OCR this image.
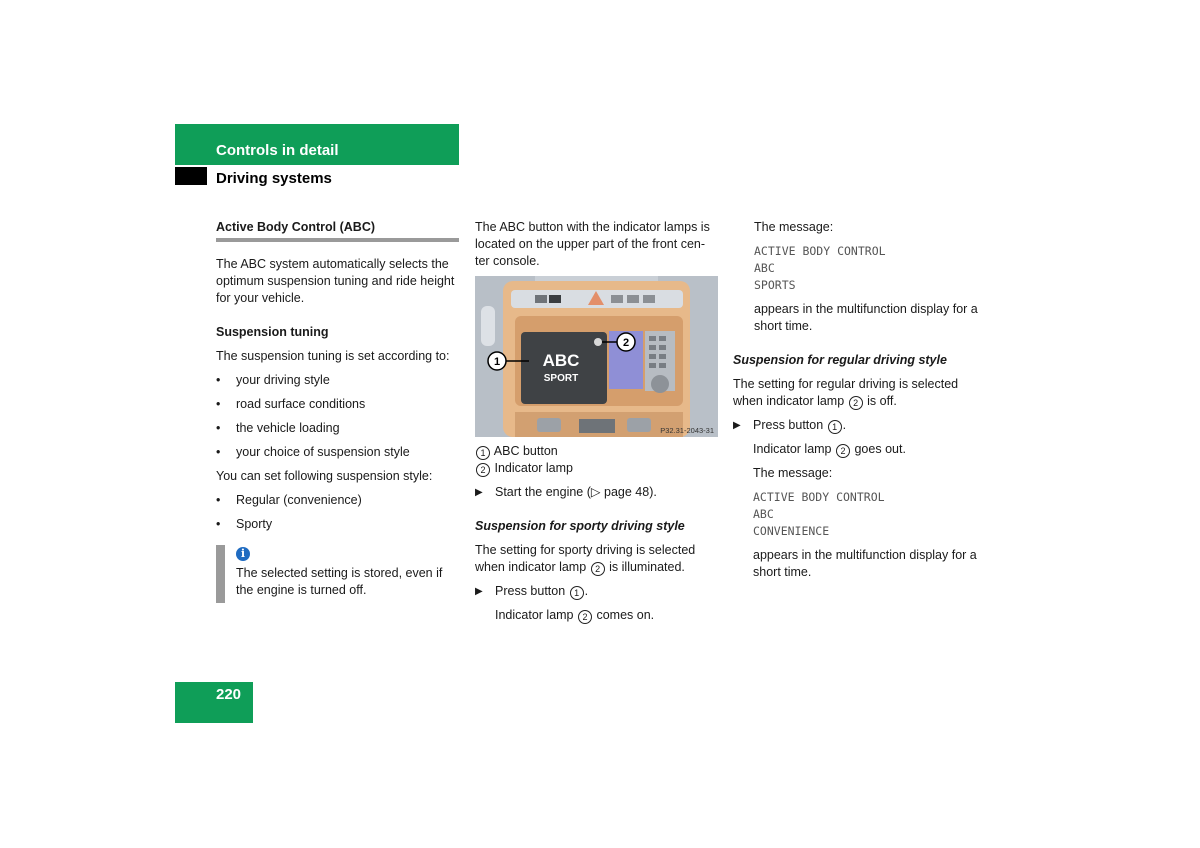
Controls in detail
Driving systems

Active Body Control (ABC)

The ABC system automatically selects the optimum suspension tuning and ride height for your vehicle.

Suspension tuning

The suspension tuning is set according to:

•	your driving style
•	road surface conditions
•	the vehicle loading
•	your choice of suspension style

You can set following suspension style:

•	Regular (convenience)
•	Sporty
i

The selected setting is stored, even if the engine is turned off.

The ABC button with the indicator lamps is located on the upper part of the front cen-ter console.

ABC
SPORT
1
2
P32.31-2043-31

1 ABC button

2 Indicator lamp

▶ Start the engine (▷ page 48).

Suspension for sporty driving style

The setting for sporty driving is selected when indicator lamp 2 is illuminated.

▶ Press button 1 .

Indicator lamp 2 comes on.

The message:

ACTIVE BODY CONTROL
ABC
SPORTS

appears in the multifunction display for a short time.

Suspension for regular driving style

The setting for regular driving is selected when indicator lamp 2 is off.

▶ Press button 1 .

Indicator lamp 2 goes out.

The message:

ACTIVE BODY CONTROL
ABC
CONVENIENCE

appears in the multifunction display for a short time.

220
